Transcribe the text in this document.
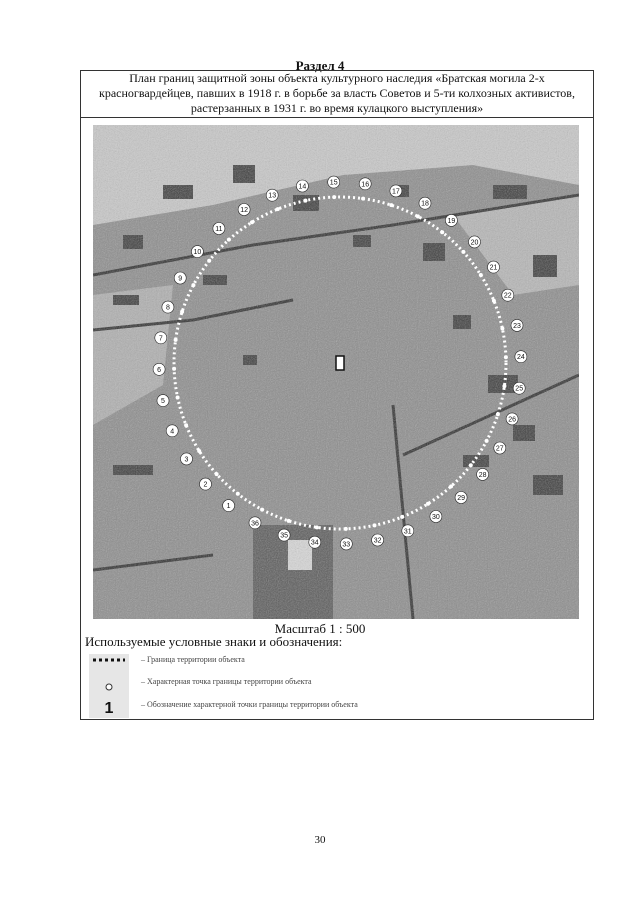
Раздел 4
План границ защитной зоны объекта культурного наследия «Братская могила 2-х
красногвардейцев, павших в 1918 г. в борьбе за власть Советов и 5-ти колхозных активистов,
растерзанных в 1931 г. во время кулацкого выступления»
1
2
3
4
5
6
7
8
9
10
11
12
13
14
15	16
17
18
19
20
21
22
23
24
25
26
27
28
29
30
31
32
33
34
35
36
Масштаб 1 : 500
Используемые условные знаки и обозначения:
– Граница территории объекта
– Характерная точка границы территории объекта
1	– Обозначение характерной точки границы территории объекта
30
